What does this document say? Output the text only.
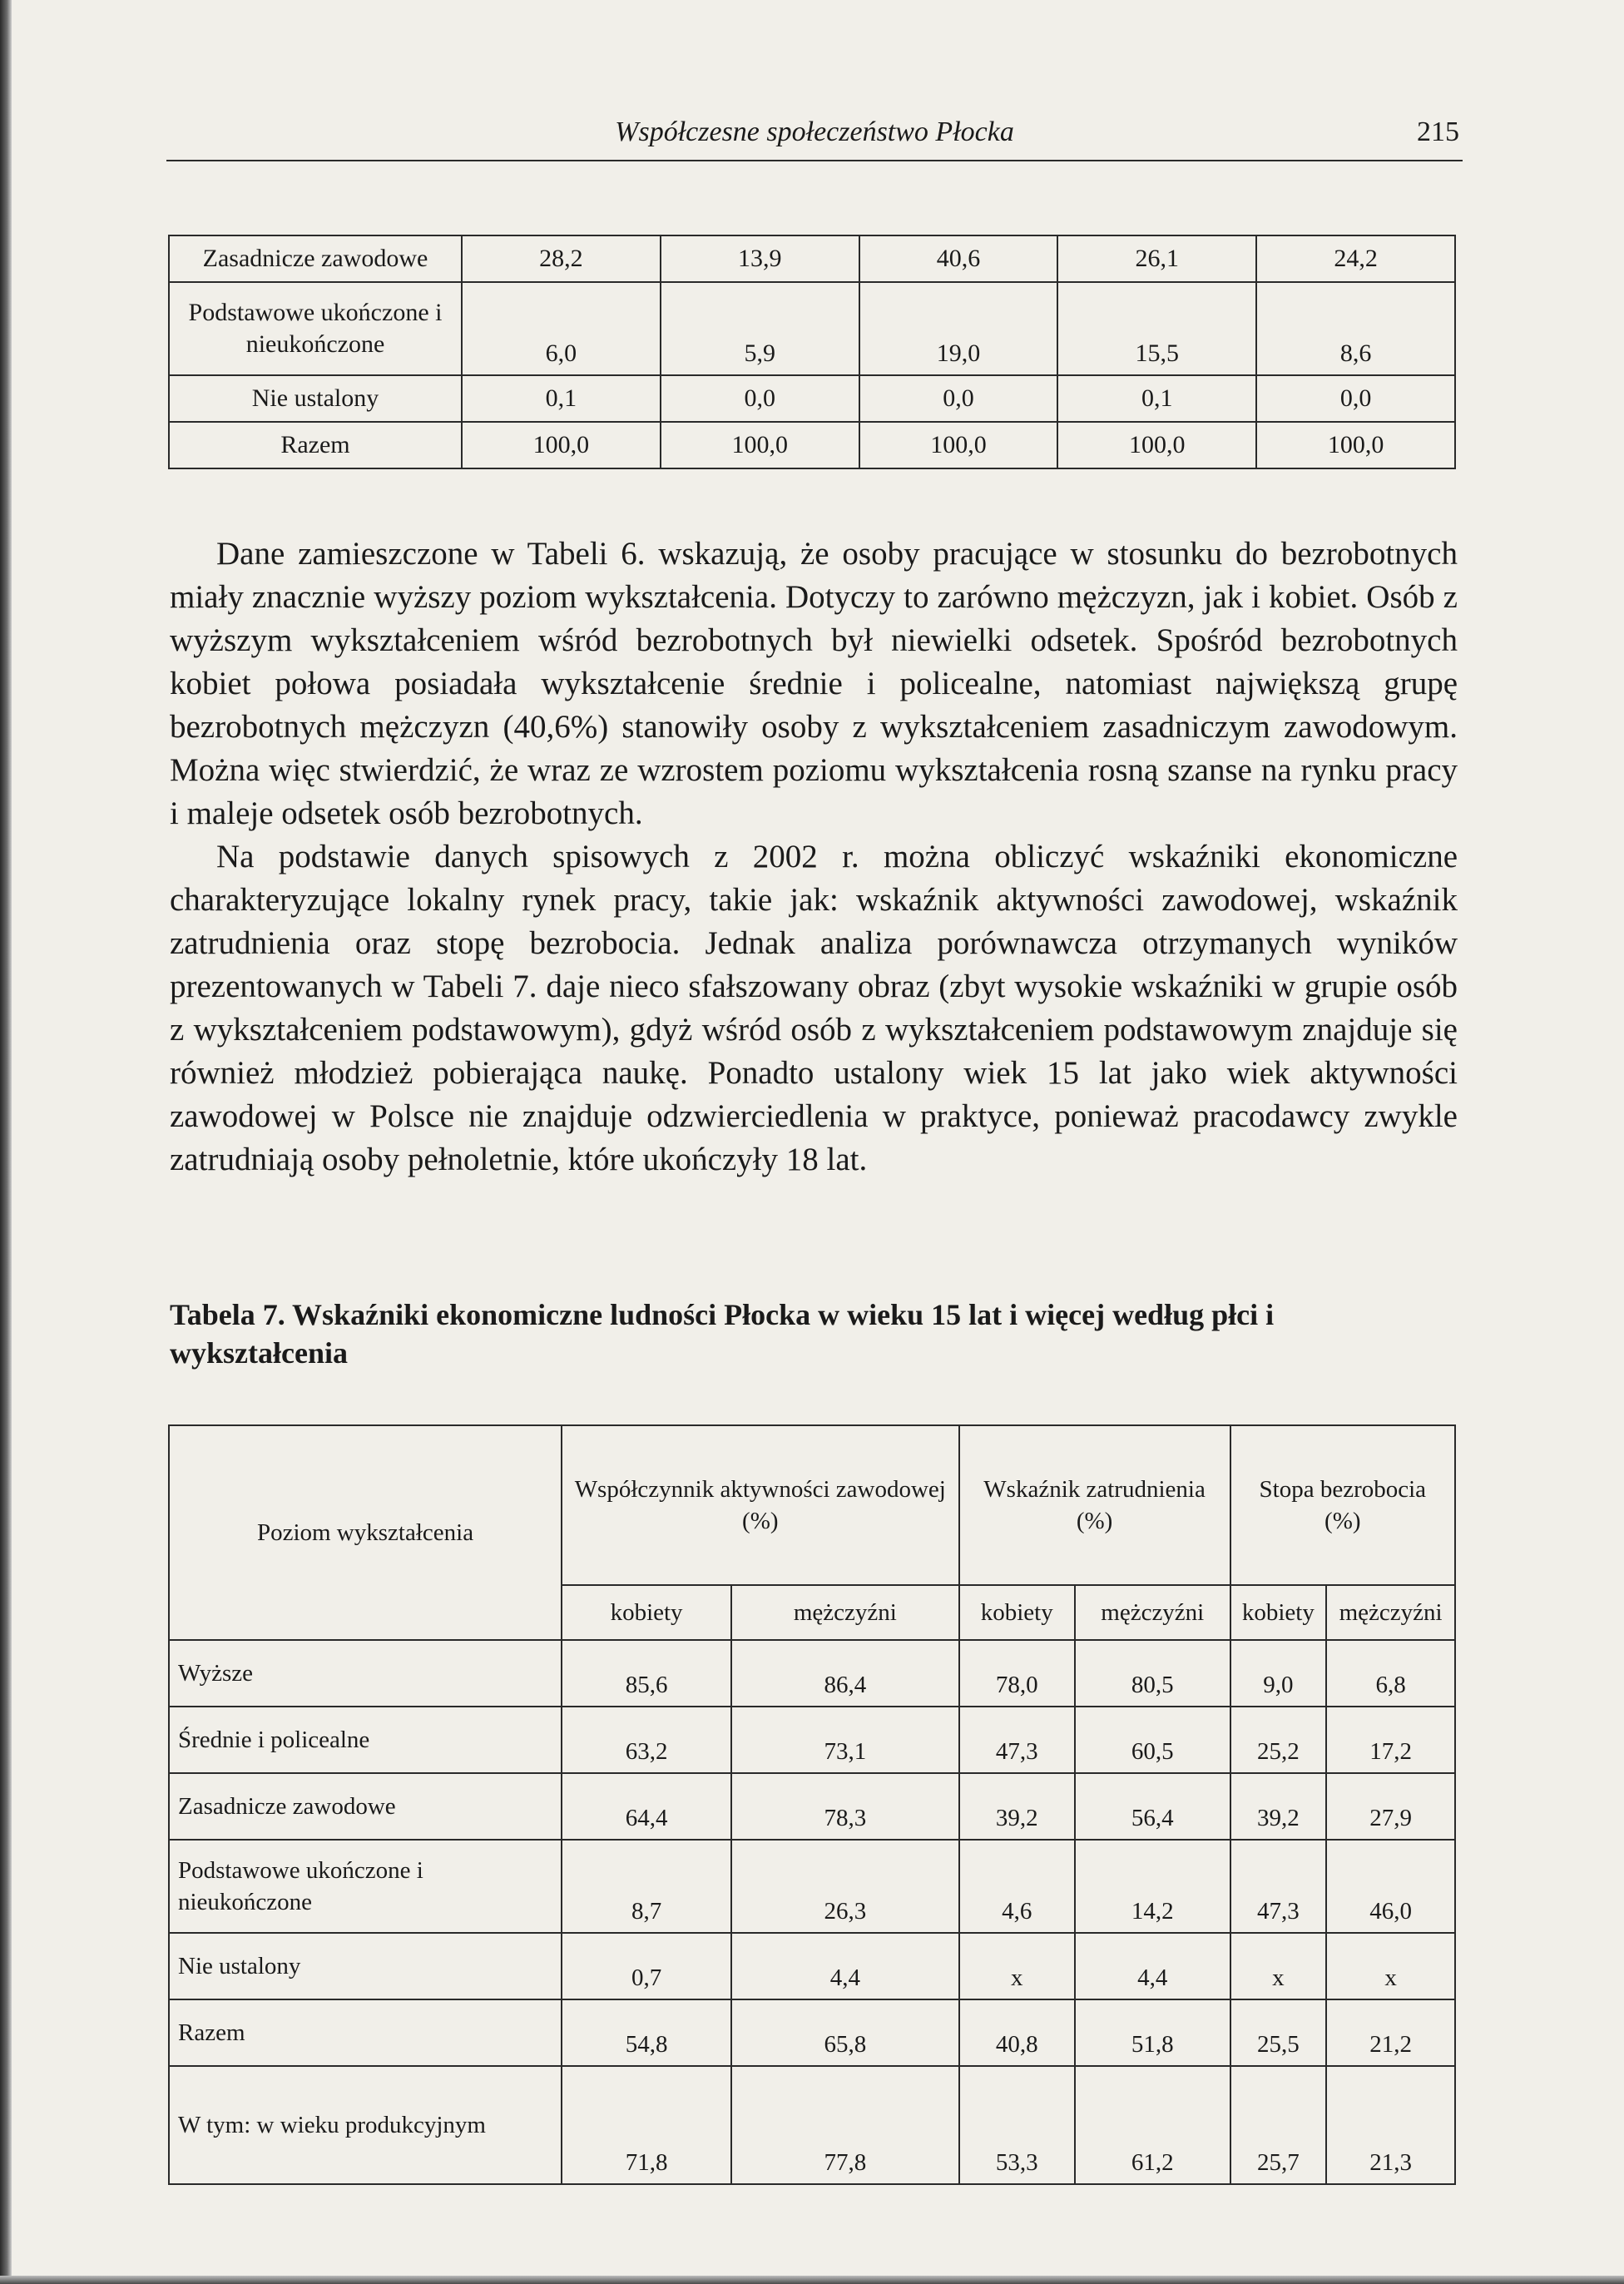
Współczesne społeczeństwo Płocka	215
Zasadnicze zawodowe	28,2	13,9	40,6	26,1	24,2
Podstawowe ukończone i nieukończone	6,0	5,9	19,0	15,5	8,6
Nie ustalony	0,1	0,0	0,0	0,1	0,0
Razem	100,0	100,0	100,0	100,0	100,0

Dane zamieszczone w Tabeli 6. wskazują, że osoby pracujące w stosunku do bezrobotnych miały znacznie wyższy poziom wykształcenia. Dotyczy to zarówno mężczyzn, jak i kobiet. Osób z wyższym wykształceniem wśród bezrobotnych był niewielki odsetek. Spośród bezrobotnych kobiet połowa posiadała wykształcenie średnie i policealne, natomiast największą grupę bezrobotnych mężczyzn (40,6%) stanowiły osoby z wykształceniem zasadniczym zawodowym. Można więc stwierdzić, że wraz ze wzrostem poziomu wykształcenia rosną szanse na rynku pracy i maleje odsetek osób bezrobotnych.

Na podstawie danych spisowych z 2002 r. można obliczyć wskaźniki ekonomiczne charakteryzujące lokalny rynek pracy, takie jak: wskaźnik aktywności zawodowej, wskaźnik zatrudnienia oraz stopę bezrobocia. Jednak analiza porównawcza otrzymanych wyników prezentowanych w Tabeli 7. daje nieco sfałszowany obraz (zbyt wysokie wskaźniki w grupie osób z wykształceniem podstawowym), gdyż wśród osób z wykształceniem podstawowym znajduje się również młodzież pobierająca naukę. Ponadto ustalony wiek 15 lat jako wiek aktywności zawodowej w Polsce nie znajduje odzwierciedlenia w praktyce, ponieważ pracodawcy zwykle zatrudniają osoby pełnoletnie, które ukończyły 18 lat.

Tabela 7. Wskaźniki ekonomiczne ludności Płocka w wieku 15 lat i więcej według płci i wykształcenia

Poziom wykształcenia	Współczynnik aktywności zawodowej (%)		Wskaźnik zatrudnienia (%)		Stopa bezrobocia (%)	
	kobiety	mężczyźni	kobiety	mężczyźni	kobiety	mężczyźni
Wyższe	85,6	86,4	78,0	80,5	9,0	6,8
Średnie i policealne	63,2	73,1	47,3	60,5	25,2	17,2
Zasadnicze zawodowe	64,4	78,3	39,2	56,4	39,2	27,9
Podstawowe ukończone i nieukończone	8,7	26,3	4,6	14,2	47,3	46,0
Nie ustalony	0,7	4,4	x	4,4	x	x
Razem	54,8	65,8	40,8	51,8	25,5	21,2
W tym: w wieku produkcyjnym	71,8	77,8	53,3	61,2	25,7	21,3
